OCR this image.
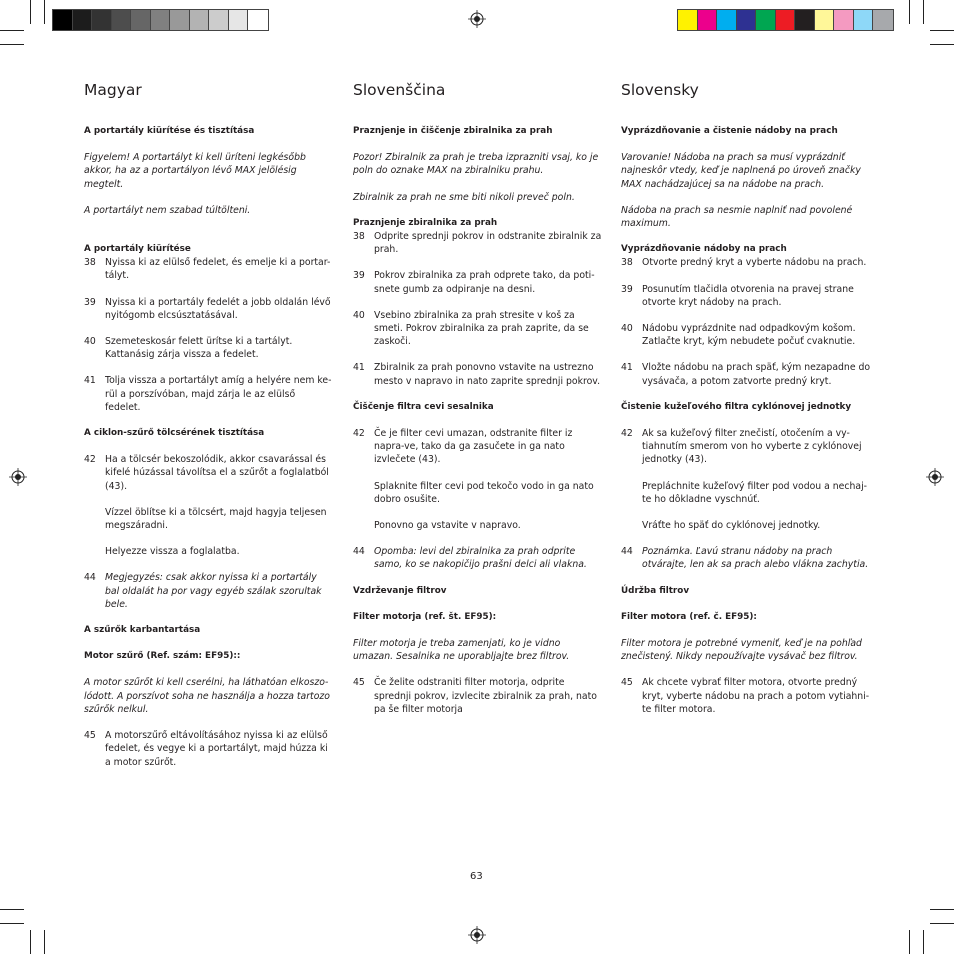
Magyar

A portartály kiürítése és tisztítása

Figyelem! A portartályt ki kell üríteni legkésőbb akkor, ha az a portartályon lévő MAX jelölésig megtelt.

A portartályt nem szabad túltölteni.

A portartály kiürítése

38 Nyissa ki az elülső fedelet, és emelje ki a portar-tályt.
39 Nyissa ki a portartály fedelét a jobb oldalán lévő nyitógomb elcsúsztatásával.
40 Szemeteskosár felett ürítse ki a tartályt. Kattanásig zárja vissza a fedelet.
41 Tolja vissza a portartályt amíg a helyére nem ke-rül a porszívóban, majd zárja le az elülső fedelet.

A ciklon-szűrő tölcsérének tisztítása

42 Ha a tölcsér bekoszolódik, akkor csavarással és kifelé húzással távolítsa el a szűrőt a foglalatból (43).

Vízzel öblítse ki a tölcsért, majd hagyja teljesen megszáradni.

Helyezze vissza a foglalatba.

44 Megjegyzés: csak akkor nyissa ki a portartály bal oldalát ha por vagy egyéb szálak szorultak bele.

A szűrők karbantartása

Motor szűrő (Ref. szám: EF95)::

A motor szűrőt ki kell cserélni, ha láthatóan elkoszo-lódott. A porszívot soha ne használja a hozza tartozo szűrők nelkul.

45 A motorszűrő eltávolításához nyissa ki az elülső fedelet, és vegye ki a portartályt, majd húzza ki a motor szűrőt.
Slovenščina

Praznjenje in čiščenje zbiralnika za prah

Pozor! Zbiralnik za prah je treba izprazniti vsaj, ko je poln do oznake MAX na zbiralniku prahu.

Zbiralnik za prah ne sme biti nikoli preveč poln.

Praznjenje zbiralnika za prah

38 Odprite sprednji pokrov in odstranite zbiralnik za prah.
39 Pokrov zbiralnika za prah odprete tako, da poti-snete gumb za odpiranje na desni.
40 Vsebino zbiralnika za prah stresite v koš za smeti. Pokrov zbiralnika za prah zaprite, da se zaskoči.
41 Zbiralnik za prah ponovno vstavite na ustrezno mesto v napravo in nato zaprite sprednji pokrov.

Čiščenje filtra cevi sesalnika

42 Če je filter cevi umazan, odstranite filter iz napra-ve, tako da ga zasučete in ga nato izvlečete (43).

Splaknite filter cevi pod tekočo vodo in ga nato dobro osušite.

Ponovno ga vstavite v napravo.

44 Opomba: levi del zbiralnika za prah odprite samo, ko se nakopičijo prašni delci ali vlakna.

Vzdrževanje filtrov

Filter motorja (ref. št. EF95):

Filter motorja je treba zamenjati, ko je vidno umazan. Sesalnika ne uporabljajte brez filtrov.

45 Če želite odstraniti filter motorja, odprite sprednji pokrov, izvlecite zbiralnik za prah, nato pa še filter motorja
Slovensky

Vyprázdňovanie a čistenie nádoby na prach

Varovanie! Nádoba na prach sa musí vyprázdniť najneskôr vtedy, keď je naplnená po úroveň značky MAX nachádzajúcej sa na nádobe na prach.

Nádoba na prach sa nesmie naplniť nad povolené maximum.

Vyprázdňovanie nádoby na prach

38 Otvorte predný kryt a vyberte nádobu na prach.
39 Posunutím tlačidla otvorenia na pravej strane otvorte kryt nádoby na prach.
40 Nádobu vyprázdnite nad odpadkovým košom. Zatlačte kryt, kým nebudete počuť cvaknutie.
41 Vložte nádobu na prach späť, kým nezapadne do vysávača, a potom zatvorte predný kryt.

Čistenie kužeľového filtra cyklónovej jednotky

42 Ak sa kužeľový filter znečistí, otočením a vy-tiahnutím smerom von ho vyberte z cyklónovej jednotky (43).

Prepláchnite kužeľový filter pod vodou a nechaj-te ho dôkladne vyschnúť.

Vráťte ho späť do cyklónovej jednotky.

44 Poznámka. Ľavú stranu nádoby na prach otvárajte, len ak sa prach alebo vlákna zachytia.

Údržba filtrov

Filter motora (ref. č. EF95):

Filter motora je potrebné vymeniť, keď je na pohľad znečistený. Nikdy nepoužívajte vysávač bez filtrov.

45 Ak chcete vybrať filter motora, otvorte predný kryt, vyberte nádobu na prach a potom vytiahni-te filter motora.
63
